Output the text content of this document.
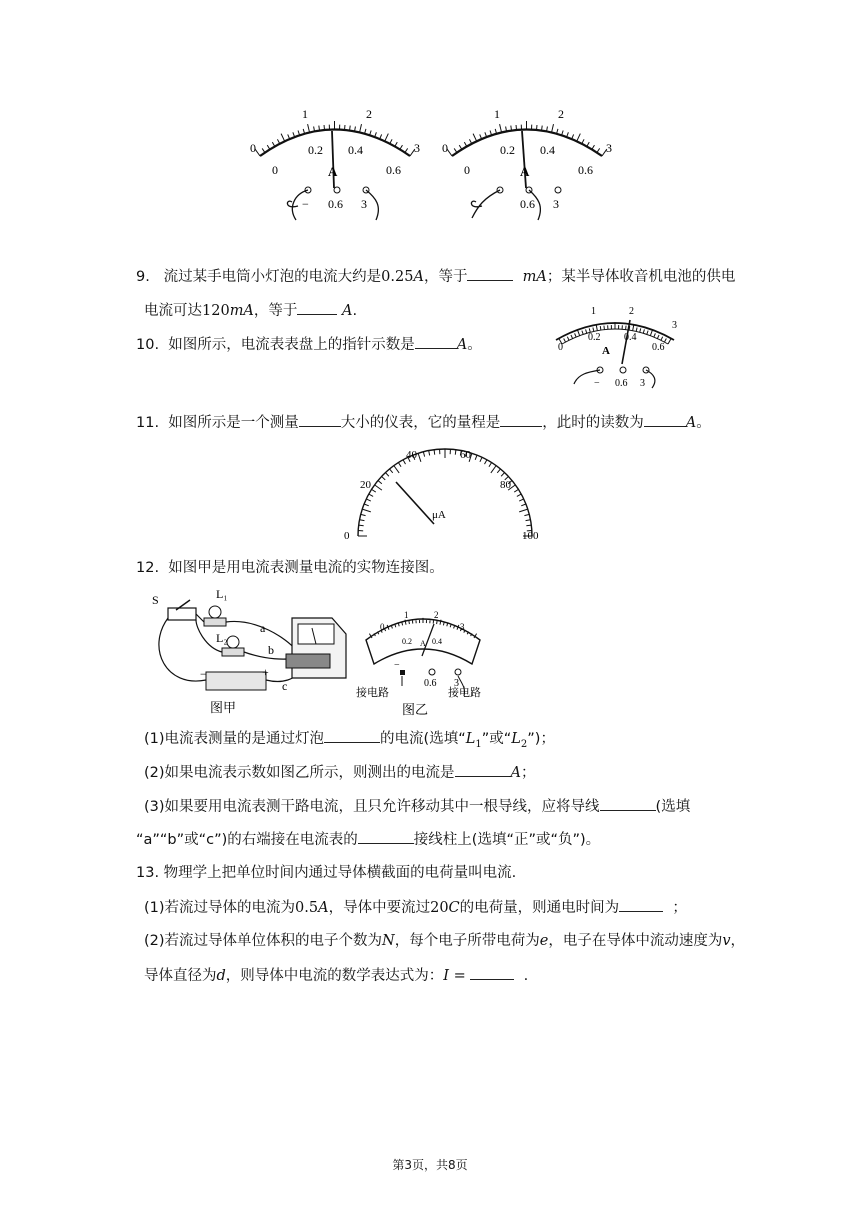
0
1	2
3
0
0.2 0.4
0.6
A
− 0.6 3
0
1	2
3
0
0.2 0.4
0.6
A
0.6 3
9. 流过某手电筒小灯泡的电流大约是0.25A，等于	mA；某半导体收音机电池的供电
电流可达120mA，等于	A.
10. 如图所示，电流表表盘上的指针示数是	A。	0
1	2
3
0.2 0.4
0.6
A
− 0.6 3
11. 如图所示是一个测量	大小的仪表，它的量程是	，此时的读数为	A。
0
20
40	60
80
100
μA
12. 如图甲是用电流表测量电流的实物连接图。
S	L₁
L₂
a
b
c
−	+
图甲
0
1	2
3
0.2 A 0.4
−
0.6 3
接电路	接电路
图乙
(1)电流表测量的是通过灯泡	的电流(选填“$L_1$”或“$L_2$”)；
(2)如果电流表示数如图乙所示，则测出的电流是	A；
(3)如果要用电流表测干路电流，且只允许移动其中一根导线，应将导线	(选填
“a”“b”或“c”)的右端接在电流表的	接线柱上(选填“正”或“负”)。
13. 物理学上把单位时间内通过导体横截面的电荷量叫电流.
(1)若流过导体的电流为0.5A，导体中要流过20C的电荷量，则通电时间为	；
(2)若流过导体单位体积的电子个数为N，每个电子所带电荷为e，电子在导体中流动速度为v，
导体直径为d，则导体中电流的数学表达式为：I =	.
第3页，共8页
